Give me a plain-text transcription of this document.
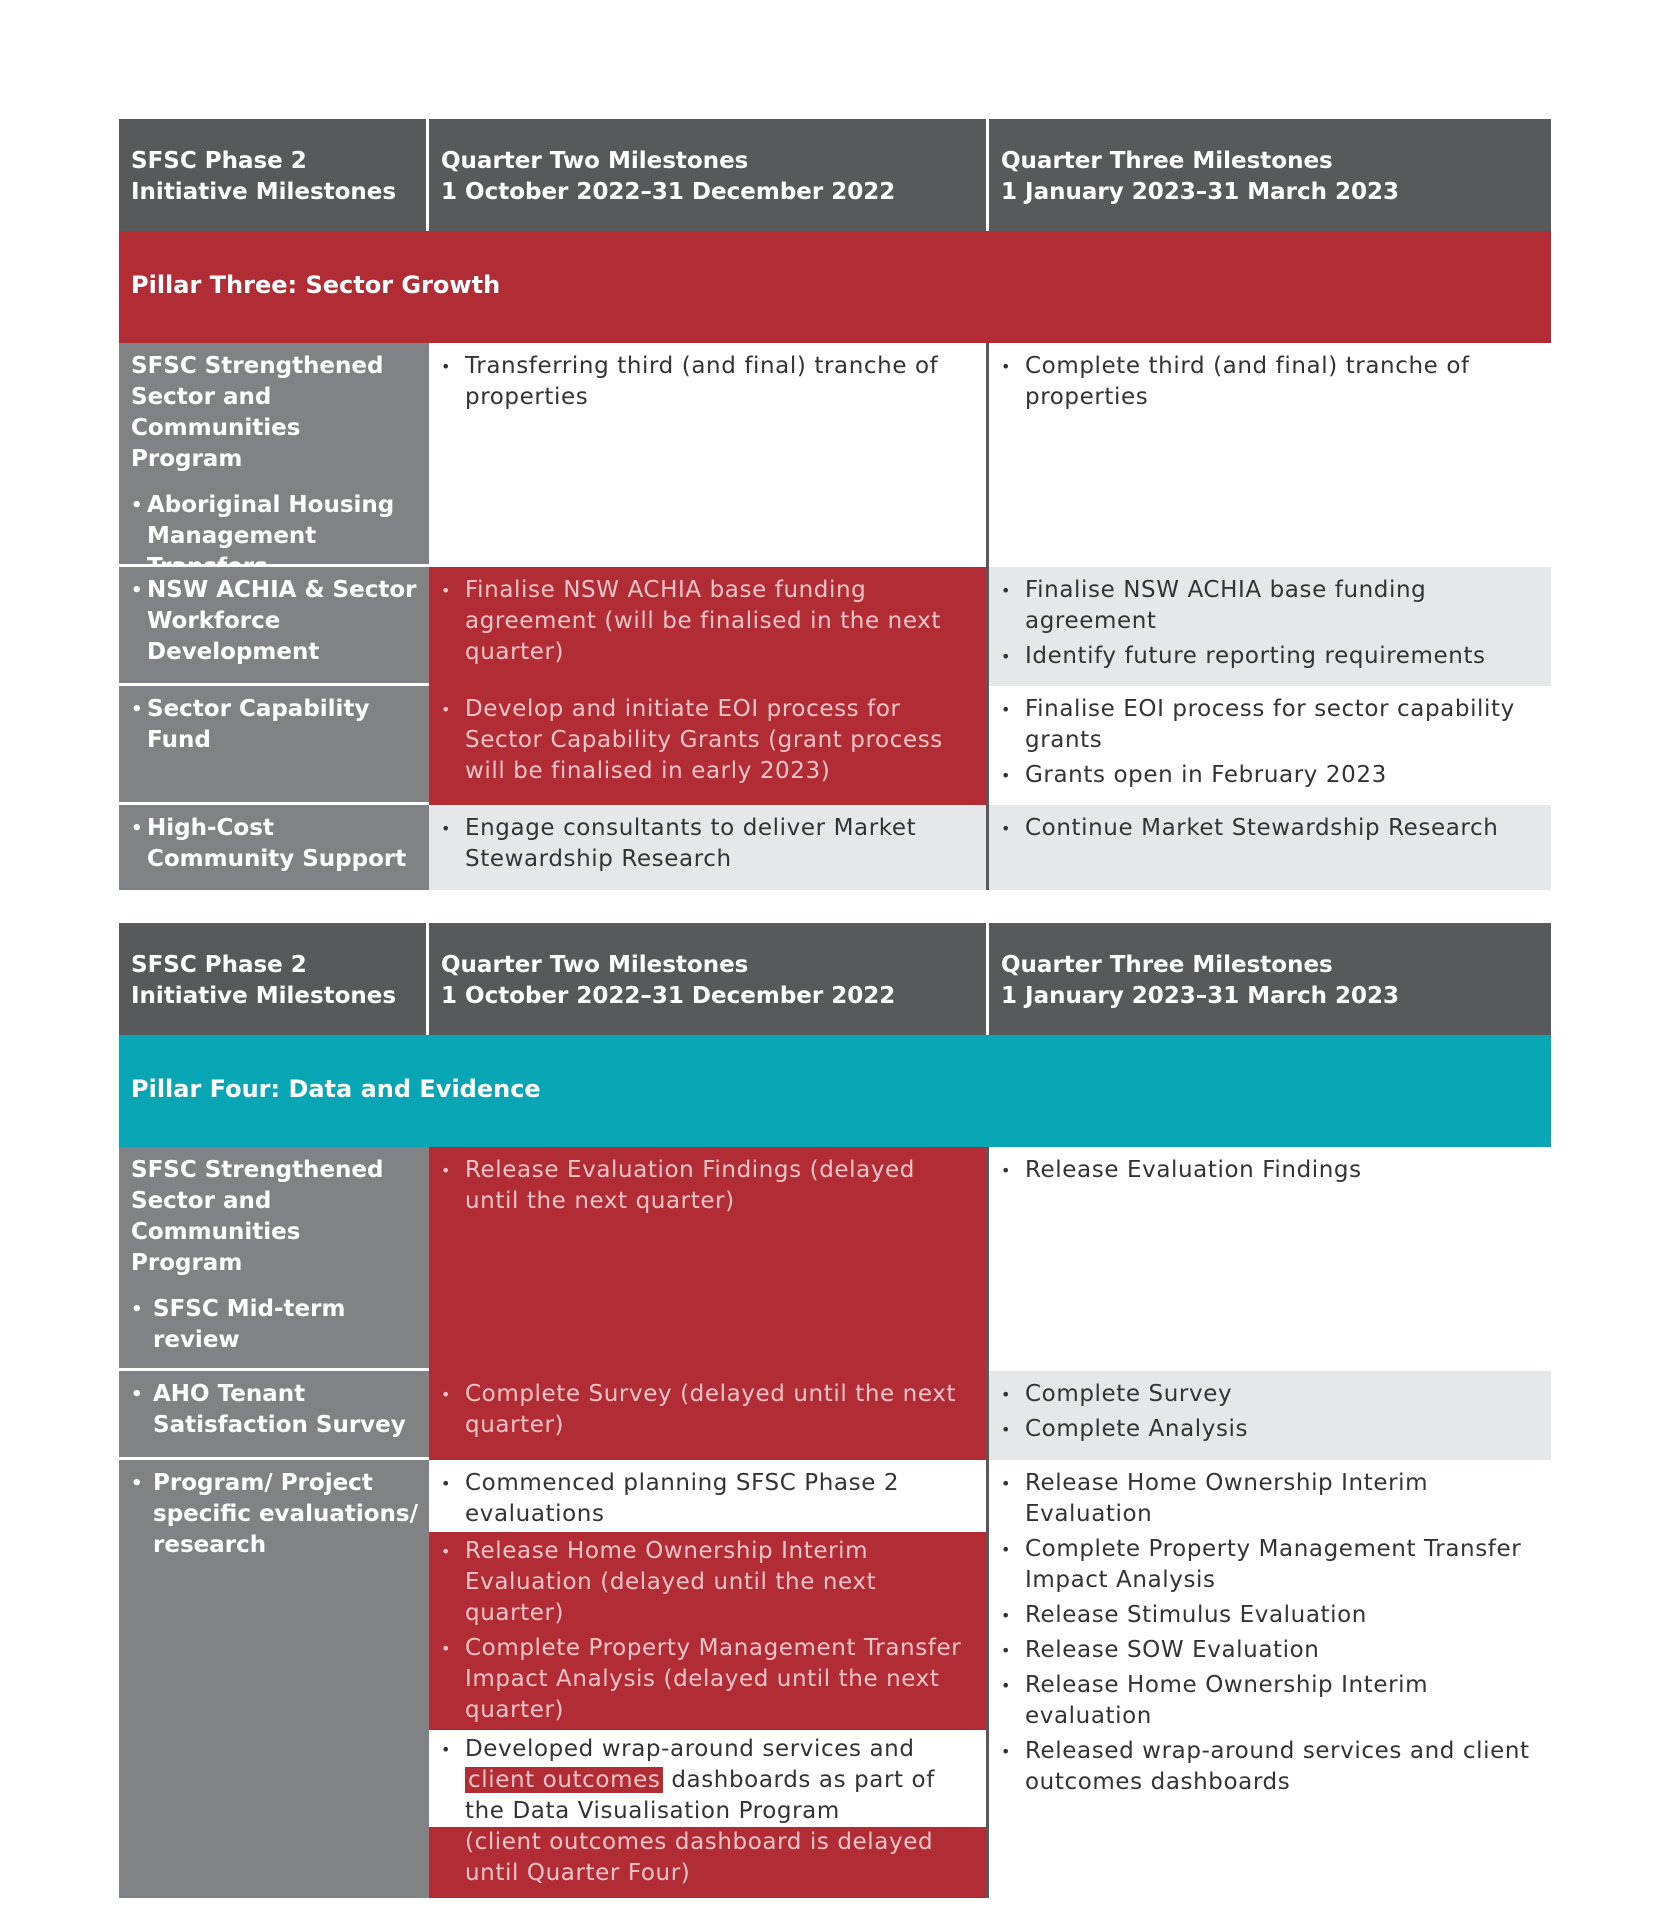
SFSC Phase 2 Initiative Milestones
Quarter Two Milestones
1 October 2022–31 December 2022
Quarter Three Milestones
1 January 2023–31 March 2023
Pillar Three: Sector Growth
SFSC Strengthened Sector and Communities Program
• Aboriginal Housing Management
• Transferring third (and final) tranche of properties
• Complete third (and final) tranche of properties
• NSW ACHIA & Sector Workforce Development
• Finalise NSW ACHIA base funding agreement (will be finalised in the next quarter)
• Finalise NSW ACHIA base funding agreement
• Identify future reporting requirements
• Sector Capability Fund
• Develop and initiate EOI process for Sector Capability Grants (grant process will be finalised in early 2023)
• Finalise EOI process for sector capability grants
• Grants open in February 2023
• High-Cost Community Support
• Engage consultants to deliver Market Stewardship Research
• Continue Market Stewardship Research
SFSC Phase 2 Initiative Milestones
Quarter Two Milestones
1 October 2022–31 December 2022
Quarter Three Milestones
1 January 2023–31 March 2023
Pillar Four: Data and Evidence
SFSC Strengthened Sector and Communities Program
• SFSC Mid-term review
• Release Evaluation Findings (delayed until the next quarter)
• Release Evaluation Findings
• AHO Tenant Satisfaction Survey
• Complete Survey (delayed until the next quarter)
• Complete Survey
• Complete Analysis
• Program/ Project specific evaluations/ research
• Commenced planning SFSC Phase 2 evaluations
• Release Home Ownership Interim Evaluation (delayed until the next quarter)
• Complete Property Management Transfer Impact Analysis (delayed until the next quarter)
• Developed wrap-around services and client outcomes dashboards as part of the Data Visualisation Program
(client outcomes dashboard is delayed until Quarter Four)
• Release Home Ownership Interim Evaluation
• Complete Property Management Transfer Impact Analysis
• Release Stimulus Evaluation
• Release SOW Evaluation
• Release Home Ownership Interim evaluation
• Released wrap-around services and client outcomes dashboards
